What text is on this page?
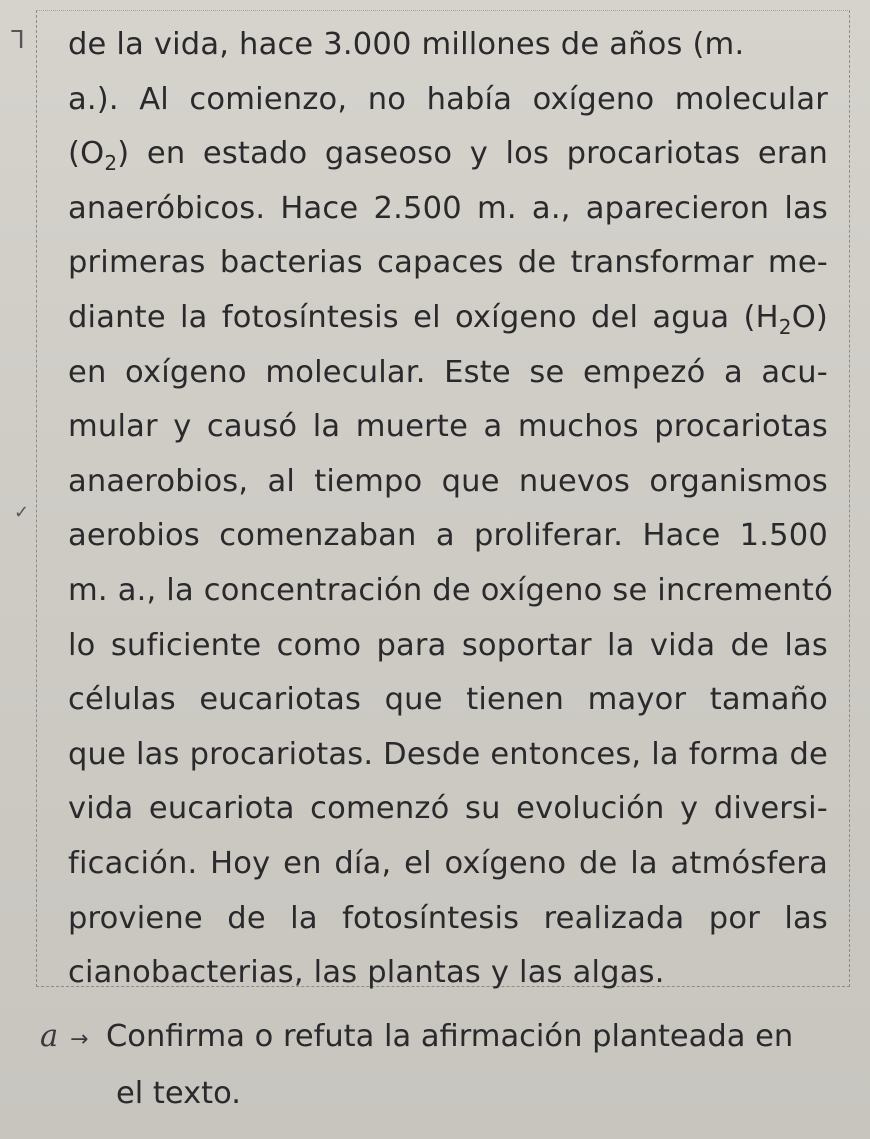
ᒣ
✓
de la vida, hace 3.000 millones de años (m.
a.). Al comienzo, no había oxígeno molecular
$(O_2)$ en estado gaseoso y los procariotas eran
anaeróbicos. Hace 2.500 m. a., aparecieron las
primeras bacterias capaces de transformar me-
diante la fotosíntesis el oxígeno del agua $(H_2O)$
en oxígeno molecular. Este se empezó a acu-
mular y causó la muerte a muchos procariotas
anaerobios, al tiempo que nuevos organismos
aerobios comenzaban a proliferar. Hace 1.500
m. a., la concentración de oxígeno se incrementó
lo suficiente como para soportar la vida de las
células eucariotas que tienen mayor tamaño
que las procariotas. Desde entonces, la forma de
vida eucariota comenzó su evolución y diversi-
ficación. Hoy en día, el oxígeno de la atmósfera
proviene de la fotosíntesis realizada por las
cianobacterias, las plantas y las algas.
a → Confirma o refuta la afirmación planteada en
el texto.
